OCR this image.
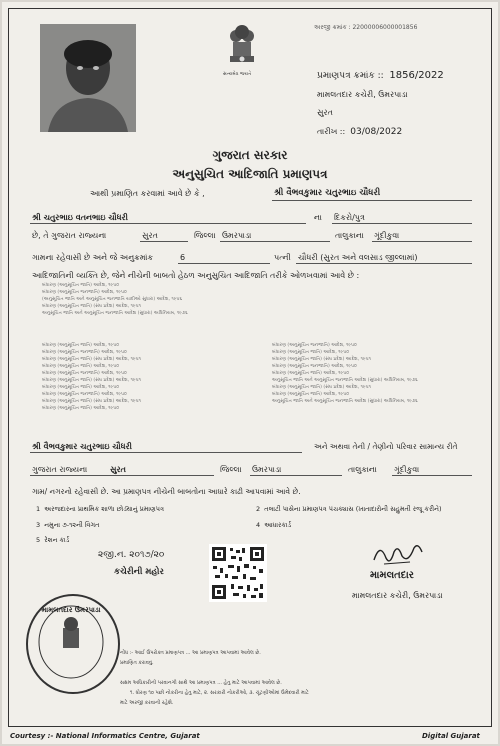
સત્યમેવ જયતે
અરજી ક્રમાંક : 22000006000001856
પ્રમાણપત્ર ક્રમાંક :: 1856/2022
મામલતદાર કચેરી, ઉમરપાડા
સુરત
તારીખ :: 03/08/2022
ગુજરાત સરકાર
અનુસુચિત આદિજાતિ પ્રમાણપત્ર
આથી પ્રમાણિત કરવામાં આવે છે કે ,	શ્રી વૈભવકુમાર ચતુરભાઇ ચૌધરી
શ્રી ચતુરભાઇ વતનભાઇ ચૌધરી	ના દિકરો/પુત્ર
છે, તે ગુજરાત રાજ્યના	સુરત	જિલ્લા ઉમરપાડા	તાલુકાના ગૂંદીકુવા
ગામના રહેવાસી છે અને જે અનુક્રમાંક	6	પત્ની ચૌધરી (સુરત અને વલસાડ જીલ્લામાં)
આદિજાતિની વ્યક્તિ છે, જેને નીચેની બાબતો હેઠળ અનુસુચિત આદિજાતિ તરીકે ઓળખવામાં આવે છે :
બંધારણ (અનુસૂચિત જાતિ) આદેશ, ૧૯૫૦
બંધારણ (અનુસૂચિત જનજાતિ) આદેશ, ૧૯૫૦
(અનુસૂચિત જાતિ અને અનુસૂચિત જનજાતિ યાદીઓ સુધારા) આદેશ, ૧૯૫૬
બંધારણ (અનુસૂચિત જાતિ) (સંઘ પ્રદેશ) આદેશ, ૧૯૫૧
અનુસૂચિત જાતિ અને અનુસૂચિત જનજાતિ આદેશ (સુધારા) અધિનિયમ, ૧૯૭૬
બંધારણ (અનુસૂચિત જાતિ) આદેશ, ૧૯૫૦
બંધારણ (અનુસૂચિત જનજાતિ) આદેશ, ૧૯૫૦
બંધારણ (અનુસૂચિત જાતિ) (સંઘ પ્રદેશ) આદેશ, ૧૯૫૧
બંધારણ (અનુસૂચિત જાતિ) આદેશ, ૧૯૫૦
બંધારણ (અનુસૂચિત જનજાતિ) આદેશ, ૧૯૫૦
બંધારણ (અનુસૂચિત જાતિ) (સંઘ પ્રદેશ) આદેશ, ૧૯૫૧
બંધારણ (અનુસૂચિત જાતિ) આદેશ, ૧૯૫૦
બંધારણ (અનુસૂચિત જનજાતિ) આદેશ, ૧૯૫૦
બંધારણ (અનુસૂચિત જાતિ) (સંઘ પ્રદેશ) આદેશ, ૧૯૫૧
બંધારણ (અનુસૂચિત જાતિ) આદેશ, ૧૯૫૦
બંધારણ (અનુસૂચિત જનજાતિ) આદેશ, ૧૯૫૦
બંધારણ (અનુસૂચિત જાતિ) આદેશ, ૧૯૫૦
બંધારણ (અનુસૂચિત જાતિ) (સંઘ પ્રદેશ) આદેશ, ૧૯૫૧
બંધારણ (અનુસૂચિત જનજાતિ) આદેશ, ૧૯૫૦
બંધારણ (અનુસૂચિત જાતિ) આદેશ, ૧૯૫૦
અનુસૂચિત જાતિ અને અનુસૂચિત જનજાતિ આદેશ (સુધારા) અધિનિયમ, ૧૯૭૬
બંધારણ (અનુસૂચિત જાતિ) (સંઘ પ્રદેશ) આદેશ, ૧૯૫૧
બંધારણ (અનુસૂચિત જાતિ) આદેશ, ૧૯૫૦
અનુસૂચિત જાતિ અને અનુસૂચિત જનજાતિ આદેશ (સુધારા) અધિનિયમ, ૧૯૭૬
શ્રી વૈભવકુમાર ચતુરભાઇ ચૌધરી	અને અથવા તેની / તેણીનો પરિવાર સામાન્ય રીતે
ગુજરાત રાજ્યના	સુરત	જિલ્લા ઉમરપાડા	તાલુકાના ગૂંદીકુવા
ગામ/ નગરનો રહેવાસી છે. આ પ્રમાણપત્ર નીચેની બાબતોના આધારે કાઢી આપવામાં આવે છે.
1 અરજદારના પ્રાથમિક શાળા છોડ્યાનું પ્રમાણપત્ર	2 તલાટી પાસેના પ્રમાણપત્ર પંચક્યાસ (ખાતાદારોની સહુમતી રજૂ કરીને)
3 નમુના ૭-૧૨ની વિગત	4 આધારકાર્ડ
5 રેશન કાર્ડ
૨જી.ન. ૨૦૧૭/૨૦
કચેરીની મહોર	મામલતદાર
મામલતદાર કચેરી, ઉમરપાડા
મામલતદાર ઉમરપાડા
નોંધ :- આઈ ઉપરોક્ત પ્રમાણપત્ર ... આ પ્રમાણપત્ર આપવામાં આવેલ છે.
પ્રમાણિત કરાવવું.
સક્ષમ અધિકારીની પરવાનગી સાથે આ પ્રમાણપત્ર ... હેતુ માટે આપવામાં આવેલ છે.
૧. ધોરણ ૧૦ પછી નોકરીના હેતુ માટે, ૨. સરકારી નોકરીઓ, ૩. ચૂંટણીઓમાં ઉમેદવારી માટે
માટે અરજી કરવાની રહેશે.
Courtesy :- National Informatics Centre, Gujarat	Digital Gujarat
